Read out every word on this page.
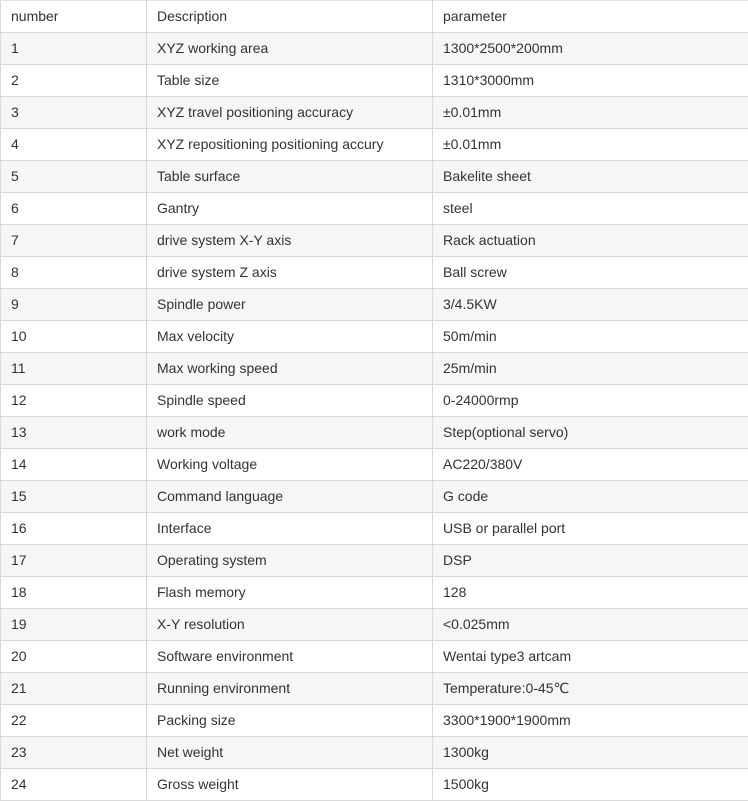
number	Description	parameter
1	XYZ working area	1300*2500*200mm
2	Table size	1310*3000mm
3	XYZ travel positioning accuracy	±0.01mm
4	XYZ repositioning positioning accury	±0.01mm
5	Table surface	Bakelite sheet
6	Gantry	steel
7	drive system X-Y axis	Rack actuation
8	drive system Z axis	Ball screw
9	Spindle power	3/4.5KW
10	Max velocity	50m/min
11	Max working speed	25m/min
12	Spindle speed	0-24000rmp
13	work mode	Step(optional servo)
14	Working voltage	AC220/380V
15	Command language	G code
16	Interface	USB or parallel port
17	Operating system	DSP
18	Flash memory	128
19	X-Y resolution	<0.025mm
20	Software environment	Wentai type3 artcam
21	Running environment	Temperature:0-45℃
22	Packing size	3300*1900*1900mm
23	Net weight	1300kg
24	Gross weight	1500kg
